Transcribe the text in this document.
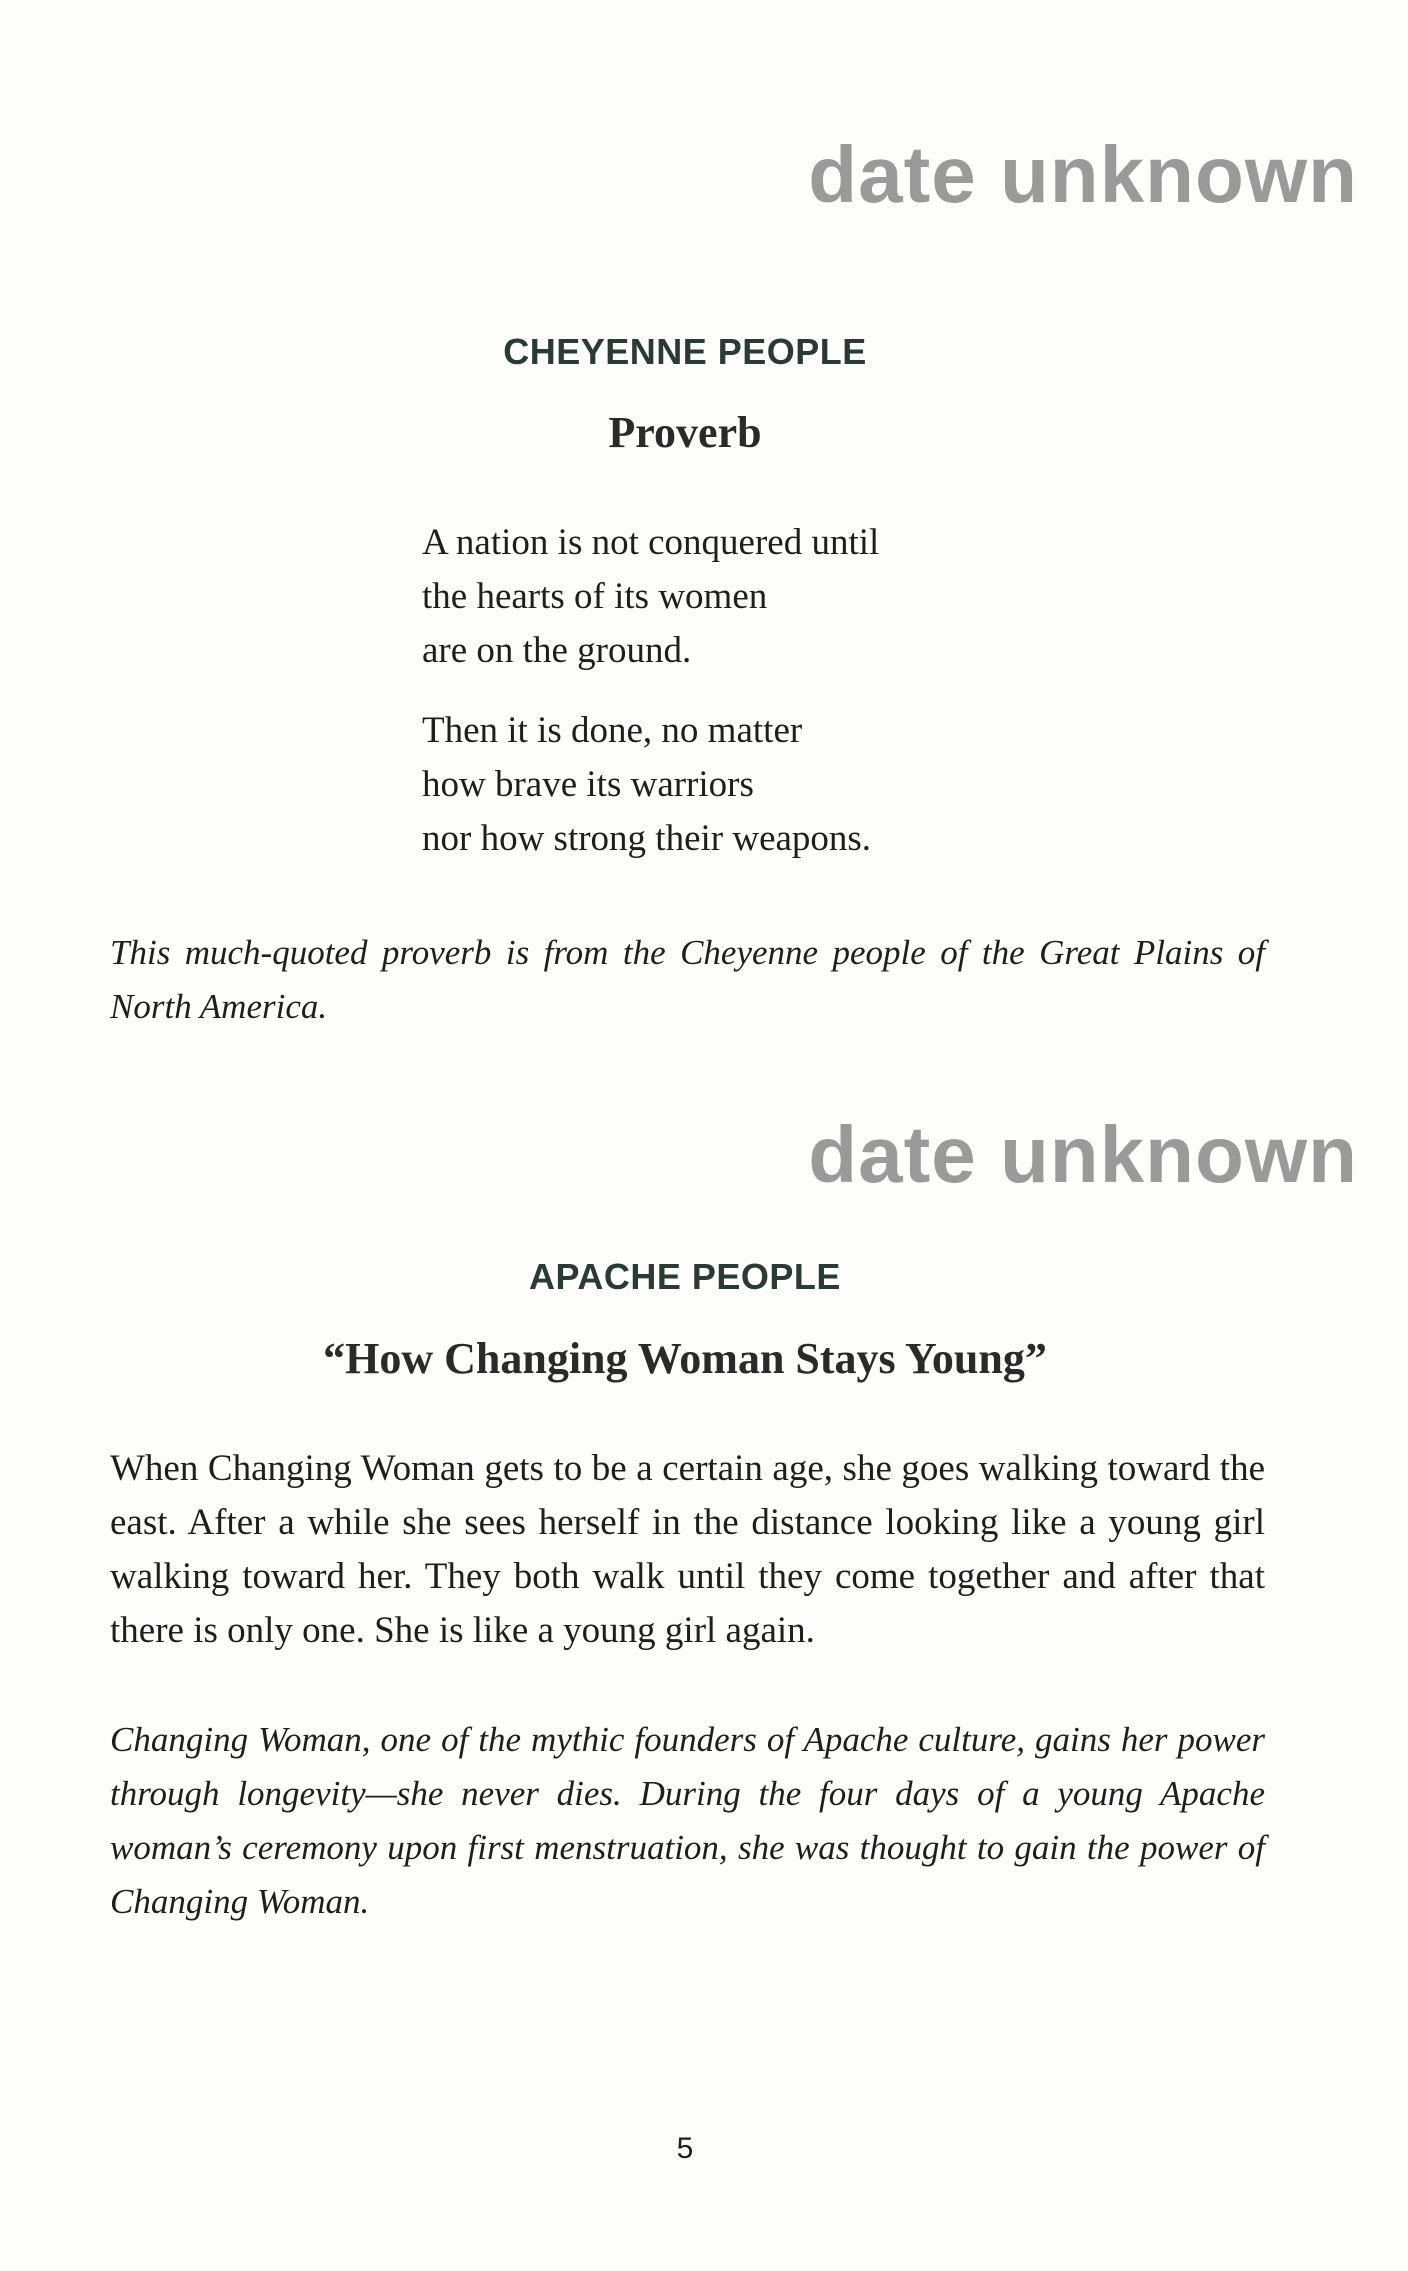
date unknown
CHEYENNE PEOPLE
Proverb

A nation is not conquered until
the hearts of its women
are on the ground.

Then it is done, no matter
how brave its warriors
nor how strong their weapons.

This much-quoted proverb is from the Cheyenne people of the Great Plains of North America.

date unknown
APACHE PEOPLE
“How Changing Woman Stays Young”

When Changing Woman gets to be a certain age, she goes walking toward the east. After a while she sees herself in the distance looking like a young girl walking toward her. They both walk until they come together and after that there is only one. She is like a young girl again.

Changing Woman, one of the mythic founders of Apache culture, gains her power through longevity—she never dies. During the four days of a young Apache woman’s ceremony upon first menstruation, she was thought to gain the power of Changing Woman.

5
